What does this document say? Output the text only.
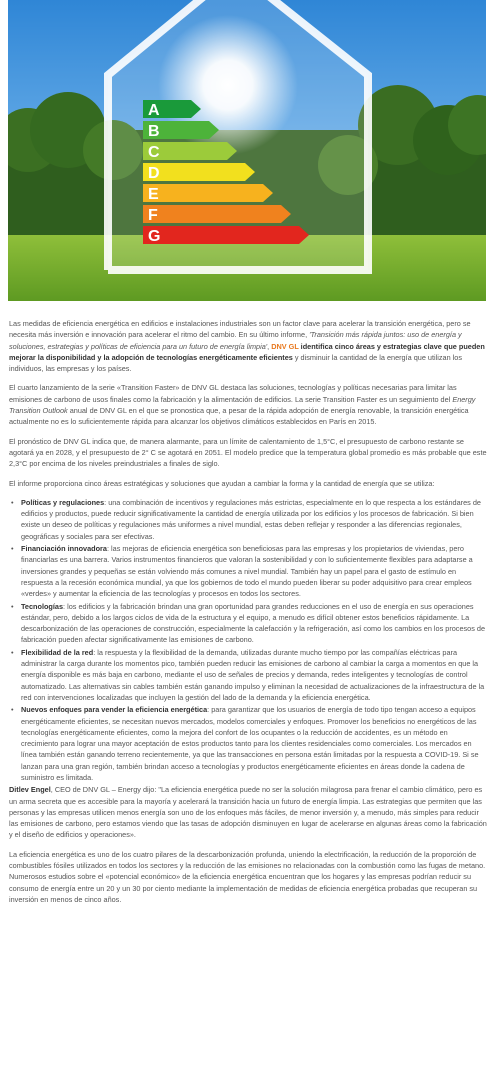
A
B
C
D
E
F
G

Las medidas de eficiencia energética en edificios e instalaciones industriales son un factor clave para acelerar la transición energética, pero se necesita más inversión e innovación para acelerar el ritmo del cambio. En su último informe, 'Transición más rápida juntos: uso de energía y soluciones, estrategias y políticas de eficiencia para un futuro de energía limpia', DNV GL identifica cinco áreas y estrategias clave que pueden mejorar la disponibilidad y la adopción de tecnologías energéticamente eficientes y disminuir la cantidad de la energía que utilizan los individuos, las empresas y los países.

El cuarto lanzamiento de la serie «Transition Faster» de DNV GL destaca las soluciones, tecnologías y políticas necesarias para limitar las emisiones de carbono de usos finales como la fabricación y la alimentación de edificios. La serie Transition Faster es un seguimiento del Energy Transition Outlook anual de DNV GL en el que se pronostica que, a pesar de la rápida adopción de energía renovable, la transición energética actualmente no es lo suficientemente rápida para alcanzar los objetivos climáticos establecidos en París en 2015.

El pronóstico de DNV GL indica que, de manera alarmante, para un límite de calentamiento de 1,5°C, el presupuesto de carbono restante se agotará ya en 2028, y el presupuesto de 2° C se agotará en 2051. El modelo predice que la temperatura global promedio es más probable que este 2,3°C por encima de los niveles preindustriales a finales de siglo.

El informe proporciona cinco áreas estratégicas y soluciones que ayudan a cambiar la forma y la cantidad de energía que se utiliza:

• Políticas y regulaciones: una combinación de incentivos y regulaciones más estrictas, especialmente en lo que respecta a los estándares de edificios y productos, puede reducir significativamente la cantidad de energía utilizada por los edificios y los procesos de fabricación. Si bien existe un deseo de políticas y regulaciones más uniformes a nivel mundial, estas deben reflejar y responder a las diferencias regionales, geográficas y sociales para ser efectivas.
• Financiación innovadora: las mejoras de eficiencia energética son beneficiosas para las empresas y los propietarios de viviendas, pero financiarlas es una barrera. Varios instrumentos financieros que valoran la sostenibilidad y con lo suficientemente flexibles para adaptarse a inversiones grandes y pequeñas se están volviendo más comunes a nivel mundial. También hay un papel para el gasto de estímulo en respuesta a la recesión económica mundial, ya que los gobiernos de todo el mundo pueden liberar su poder adquisitivo para crear empleos «verdes» y aumentar la eficiencia de las tecnologías y procesos en todos los sectores.
• Tecnologías: los edificios y la fabricación brindan una gran oportunidad para grandes reducciones en el uso de energía en sus operaciones estándar, pero, debido a los largos ciclos de vida de la estructura y el equipo, a menudo es difícil obtener estos beneficios rápidamente. La descarbonización de las operaciones de construcción, especialmente la calefacción y la refrigeración, así como los cambios en los procesos de fabricación pueden afectar significativamente las emisiones de carbono.
• Flexibilidad de la red: la respuesta y la flexibilidad de la demanda, utilizadas durante mucho tiempo por las compañías eléctricas para administrar la carga durante los momentos pico, también pueden reducir las emisiones de carbono al cambiar la carga a momentos en que la energía disponible es más baja en carbono, mediante el uso de señales de precios y demanda, redes inteligentes y tecnologías de control automatizado. Las alternativas sin cables también están ganando impulso y eliminan la necesidad de actualizaciones de la infraestructura de la red con intervenciones localizadas que incluyen la gestión del lado de la demanda y la eficiencia energética.
• Nuevos enfoques para vender la eficiencia energética: para garantizar que los usuarios de energía de todo tipo tengan acceso a equipos energéticamente eficientes, se necesitan nuevos mercados, modelos comerciales y enfoques. Promover los beneficios no energéticos de las tecnologías energéticamente eficientes, como la mejora del confort de los ocupantes o la reducción de accidentes, es un método en crecimiento para lograr una mayor aceptación de estos productos tanto para los clientes residenciales como comerciales. Los mercados en línea también están ganando terreno recientemente, ya que las transacciones en persona están limitadas por la respuesta a COVID-19. Si se lanzan para una gran región, también brindan acceso a tecnologías y productos energéticamente eficientes en áreas donde la cadena de suministro es limitada.

Ditlev Engel, CEO de DNV GL – Energy dijo: "La eficiencia energética puede no ser la solución milagrosa para frenar el cambio climático, pero es un arma secreta que es accesible para la mayoría y acelerará la transición hacia un futuro de energía limpia. Las estrategias que permiten que las personas y las empresas utilicen menos energía son uno de los enfoques más fáciles, de menor inversión y, a menudo, más simples para reducir las emisiones de carbono, pero estamos viendo que las tasas de adopción disminuyen en lugar de acelerarse en algunas áreas como la fabricación y el diseño de edificios y operaciones».

La eficiencia energética es uno de los cuatro pilares de la descarbonización profunda, uniendo la electrificación, la reducción de la proporción de combustibles fósiles utilizados en todos los sectores y la reducción de las emisiones no relacionadas con la combustión como las fugas de metano. Numerosos estudios sobre el «potencial económico» de la eficiencia energética encuentran que los hogares y las empresas podrían reducir su consumo de energía entre un 20 y un 30 por ciento mediante la implementación de medidas de eficiencia energética probadas que recuperan su inversión en menos de cinco años.
